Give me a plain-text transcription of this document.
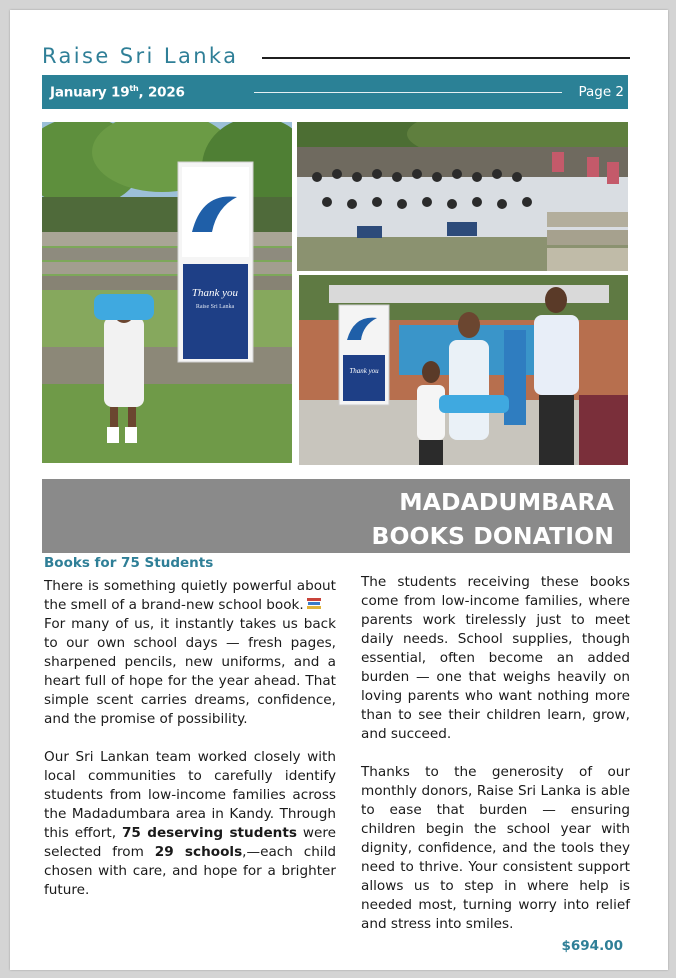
Raise Sri Lanka
January 19th, 2026	Page 2
Thank you
Raise Sri Lanka
Thank you
MADADUMBARA
BOOKS DONATION
Books for 75 Students

There is something quietly powerful about the smell of a brand-new school book.

For many of us, it instantly takes us back to our own school days — fresh pages, sharpened pencils, new uniforms, and a heart full of hope for the year ahead. That simple scent carries dreams, confidence, and the promise of possibility.

Our Sri Lankan team worked closely with local communities to carefully identify students from low-income families across the Madadumbara area in Kandy. Through this effort, 75 deserving students were selected from 29 schools,—each child chosen with care, and hope for a brighter future.

The students receiving these books come from low-income families, where parents work tirelessly just to meet daily needs. School supplies, though essential, often become an added burden — one that weighs heavily on loving parents who want nothing more than to see their children learn, grow, and succeed.

Thanks to the generosity of our monthly donors, Raise Sri Lanka is able to ease that burden — ensuring children begin the school year with dignity, confidence, and the tools they need to thrive. Your consistent support allows us to step in where help is needed most, turning worry into relief and stress into smiles.

$694.00
